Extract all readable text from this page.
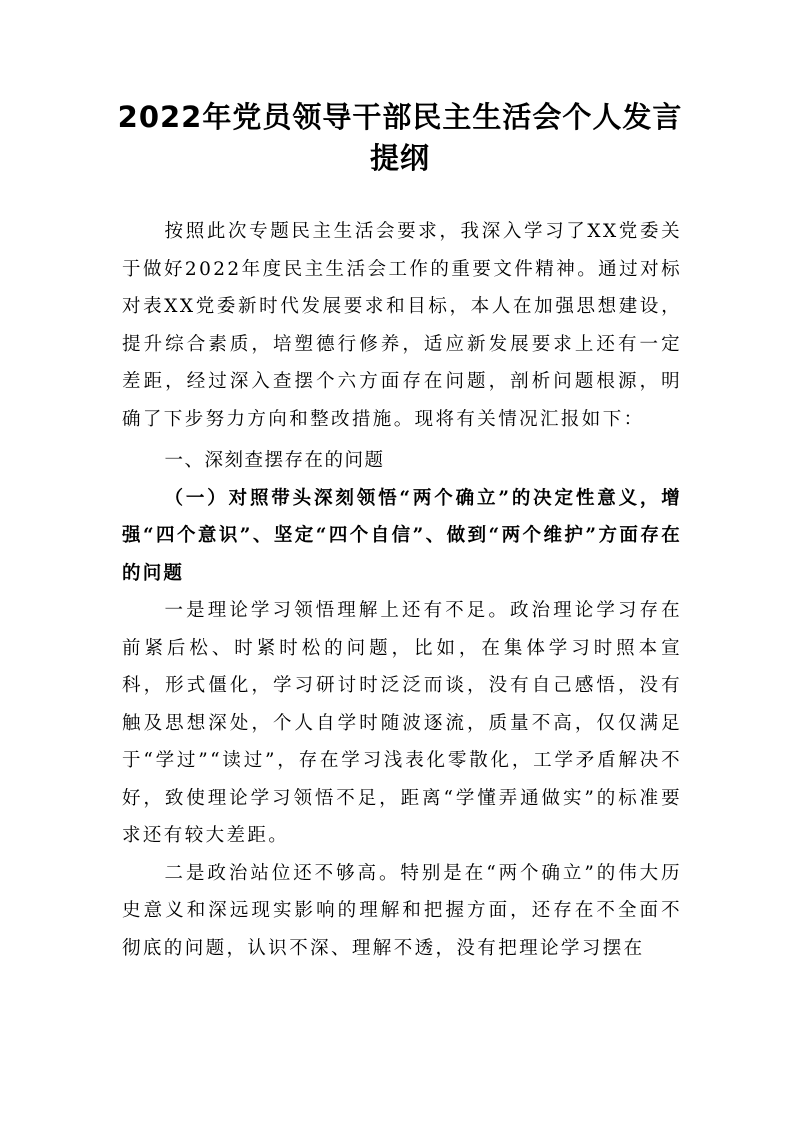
2022年党员领导干部民主生活会个人发言
提纲

按照此次专题民主生活会要求，我深入学习了XX党委关于做好2022年度民主生活会工作的重要文件精神。通过对标对表XX党委新时代发展要求和目标，本人在加强思想建设，提升综合素质，培塑德行修养，适应新发展要求上还有一定差距，经过深入查摆个六方面存在问题，剖析问题根源，明确了下步努力方向和整改措施。现将有关情况汇报如下：

一、深刻查摆存在的问题

（一）对照带头深刻领悟“两个确立”的决定性意义，增强“四个意识”、坚定“四个自信”、做到“两个维护”方面存在的问题

一是理论学习领悟理解上还有不足。政治理论学习存在前紧后松、时紧时松的问题，比如，在集体学习时照本宣科，形式僵化，学习研讨时泛泛而谈，没有自己感悟，没有触及思想深处，个人自学时随波逐流，质量不高，仅仅满足于“学过”“读过”，存在学习浅表化零散化，工学矛盾解决不好，致使理论学习领悟不足，距离“学懂弄通做实”的标准要求还有较大差距。

二是政治站位还不够高。特别是在“两个确立”的伟大历史意义和深远现实影响的理解和把握方面，还存在不全面不彻底的问题，认识不深、理解不透，没有把理论学习摆在
